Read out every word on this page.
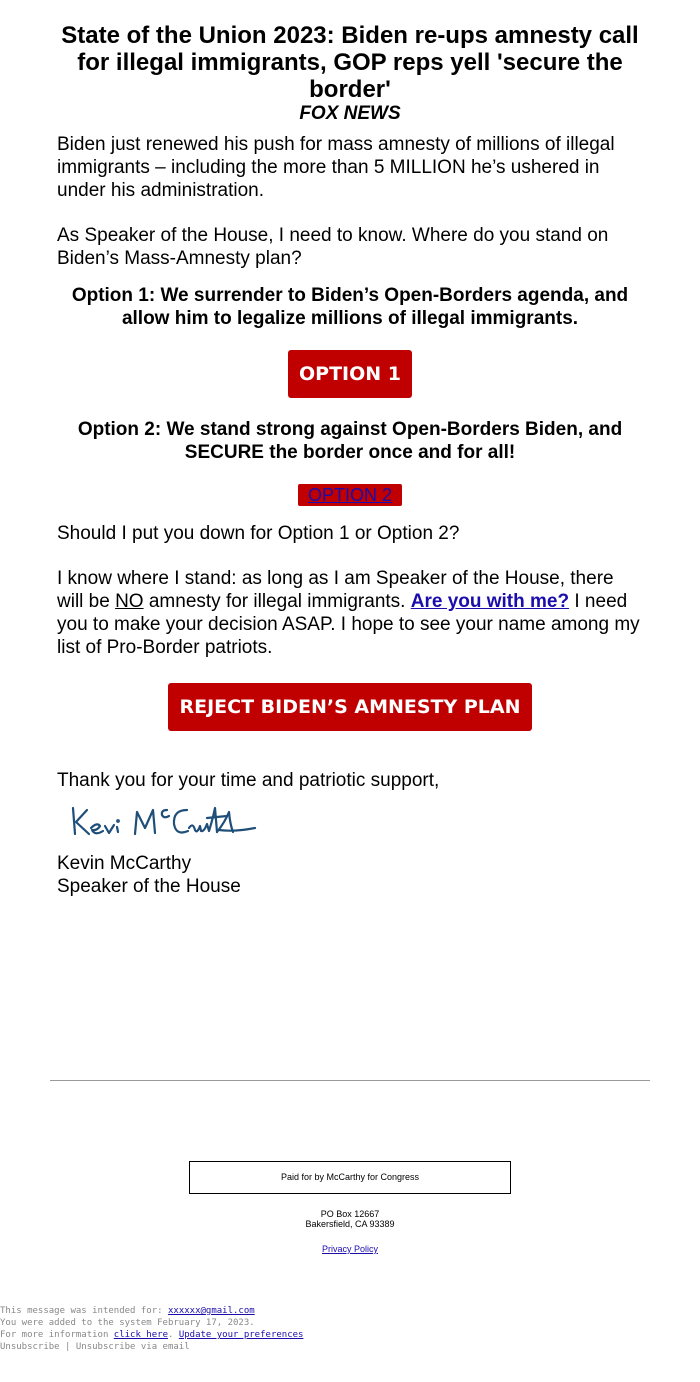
State of the Union 2023: Biden re-ups amnesty call for illegal immigrants, GOP reps yell 'secure the border'
FOX NEWS

Biden just renewed his push for mass amnesty of millions of illegal immigrants – including the more than 5 MILLION he’s ushered in under his administration.

As Speaker of the House, I need to know. Where do you stand on Biden’s Mass-Amnesty plan?

Option 1: We surrender to Biden’s Open-Borders agenda, and allow him to legalize millions of illegal immigrants.
OPTION 1
Option 2: We stand strong against Open-Borders Biden, and SECURE the border once and for all!
OPTION 2

Should I put you down for Option 1 or Option 2?

I know where I stand: as long as I am Speaker of the House, there will be NO amnesty for illegal immigrants. Are you with me? I need you to make your decision ASAP. I hope to see your name among my list of Pro-Border patriots.

REJECT BIDEN’S AMNESTY PLAN

Thank you for your time and patriotic support,

Kevin McCarthy

Speaker of the House

Paid for by McCarthy for Congress
PO Box 12667
Bakersfield, CA 93389
Privacy Policy
This message was intended for: xxxxxx@gmail.com
You were added to the system February 17, 2023.
For more information click here. Update your preferences
Unsubscribe | Unsubscribe via email
